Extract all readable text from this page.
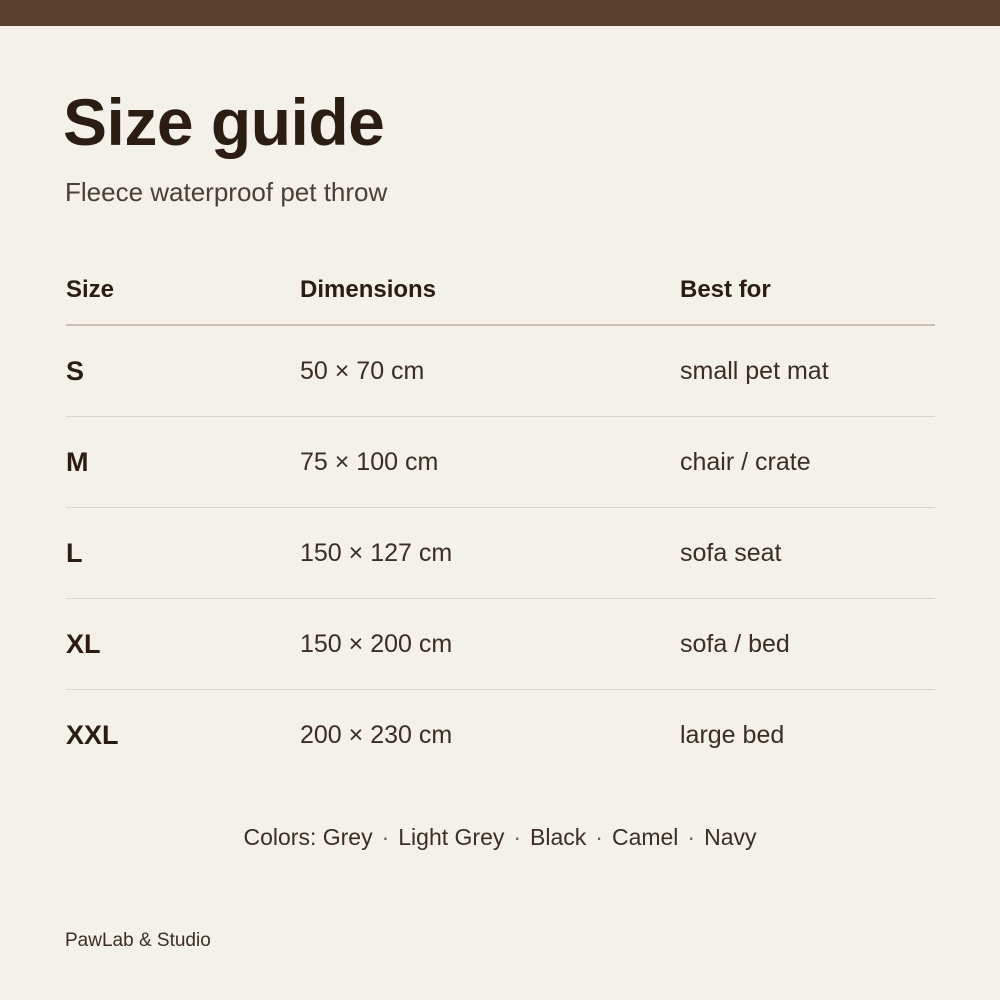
Size guide
Fleece waterproof pet throw
Size	Dimensions	Best for
S	50 × 70 cm	small pet mat
M	75 × 100 cm	chair / crate
L	150 × 127 cm	sofa seat
XL	150 × 200 cm	sofa / bed
XXL	200 × 230 cm	large bed
Colors: Grey · Light Grey · Black · Camel · Navy
PawLab & Studio
